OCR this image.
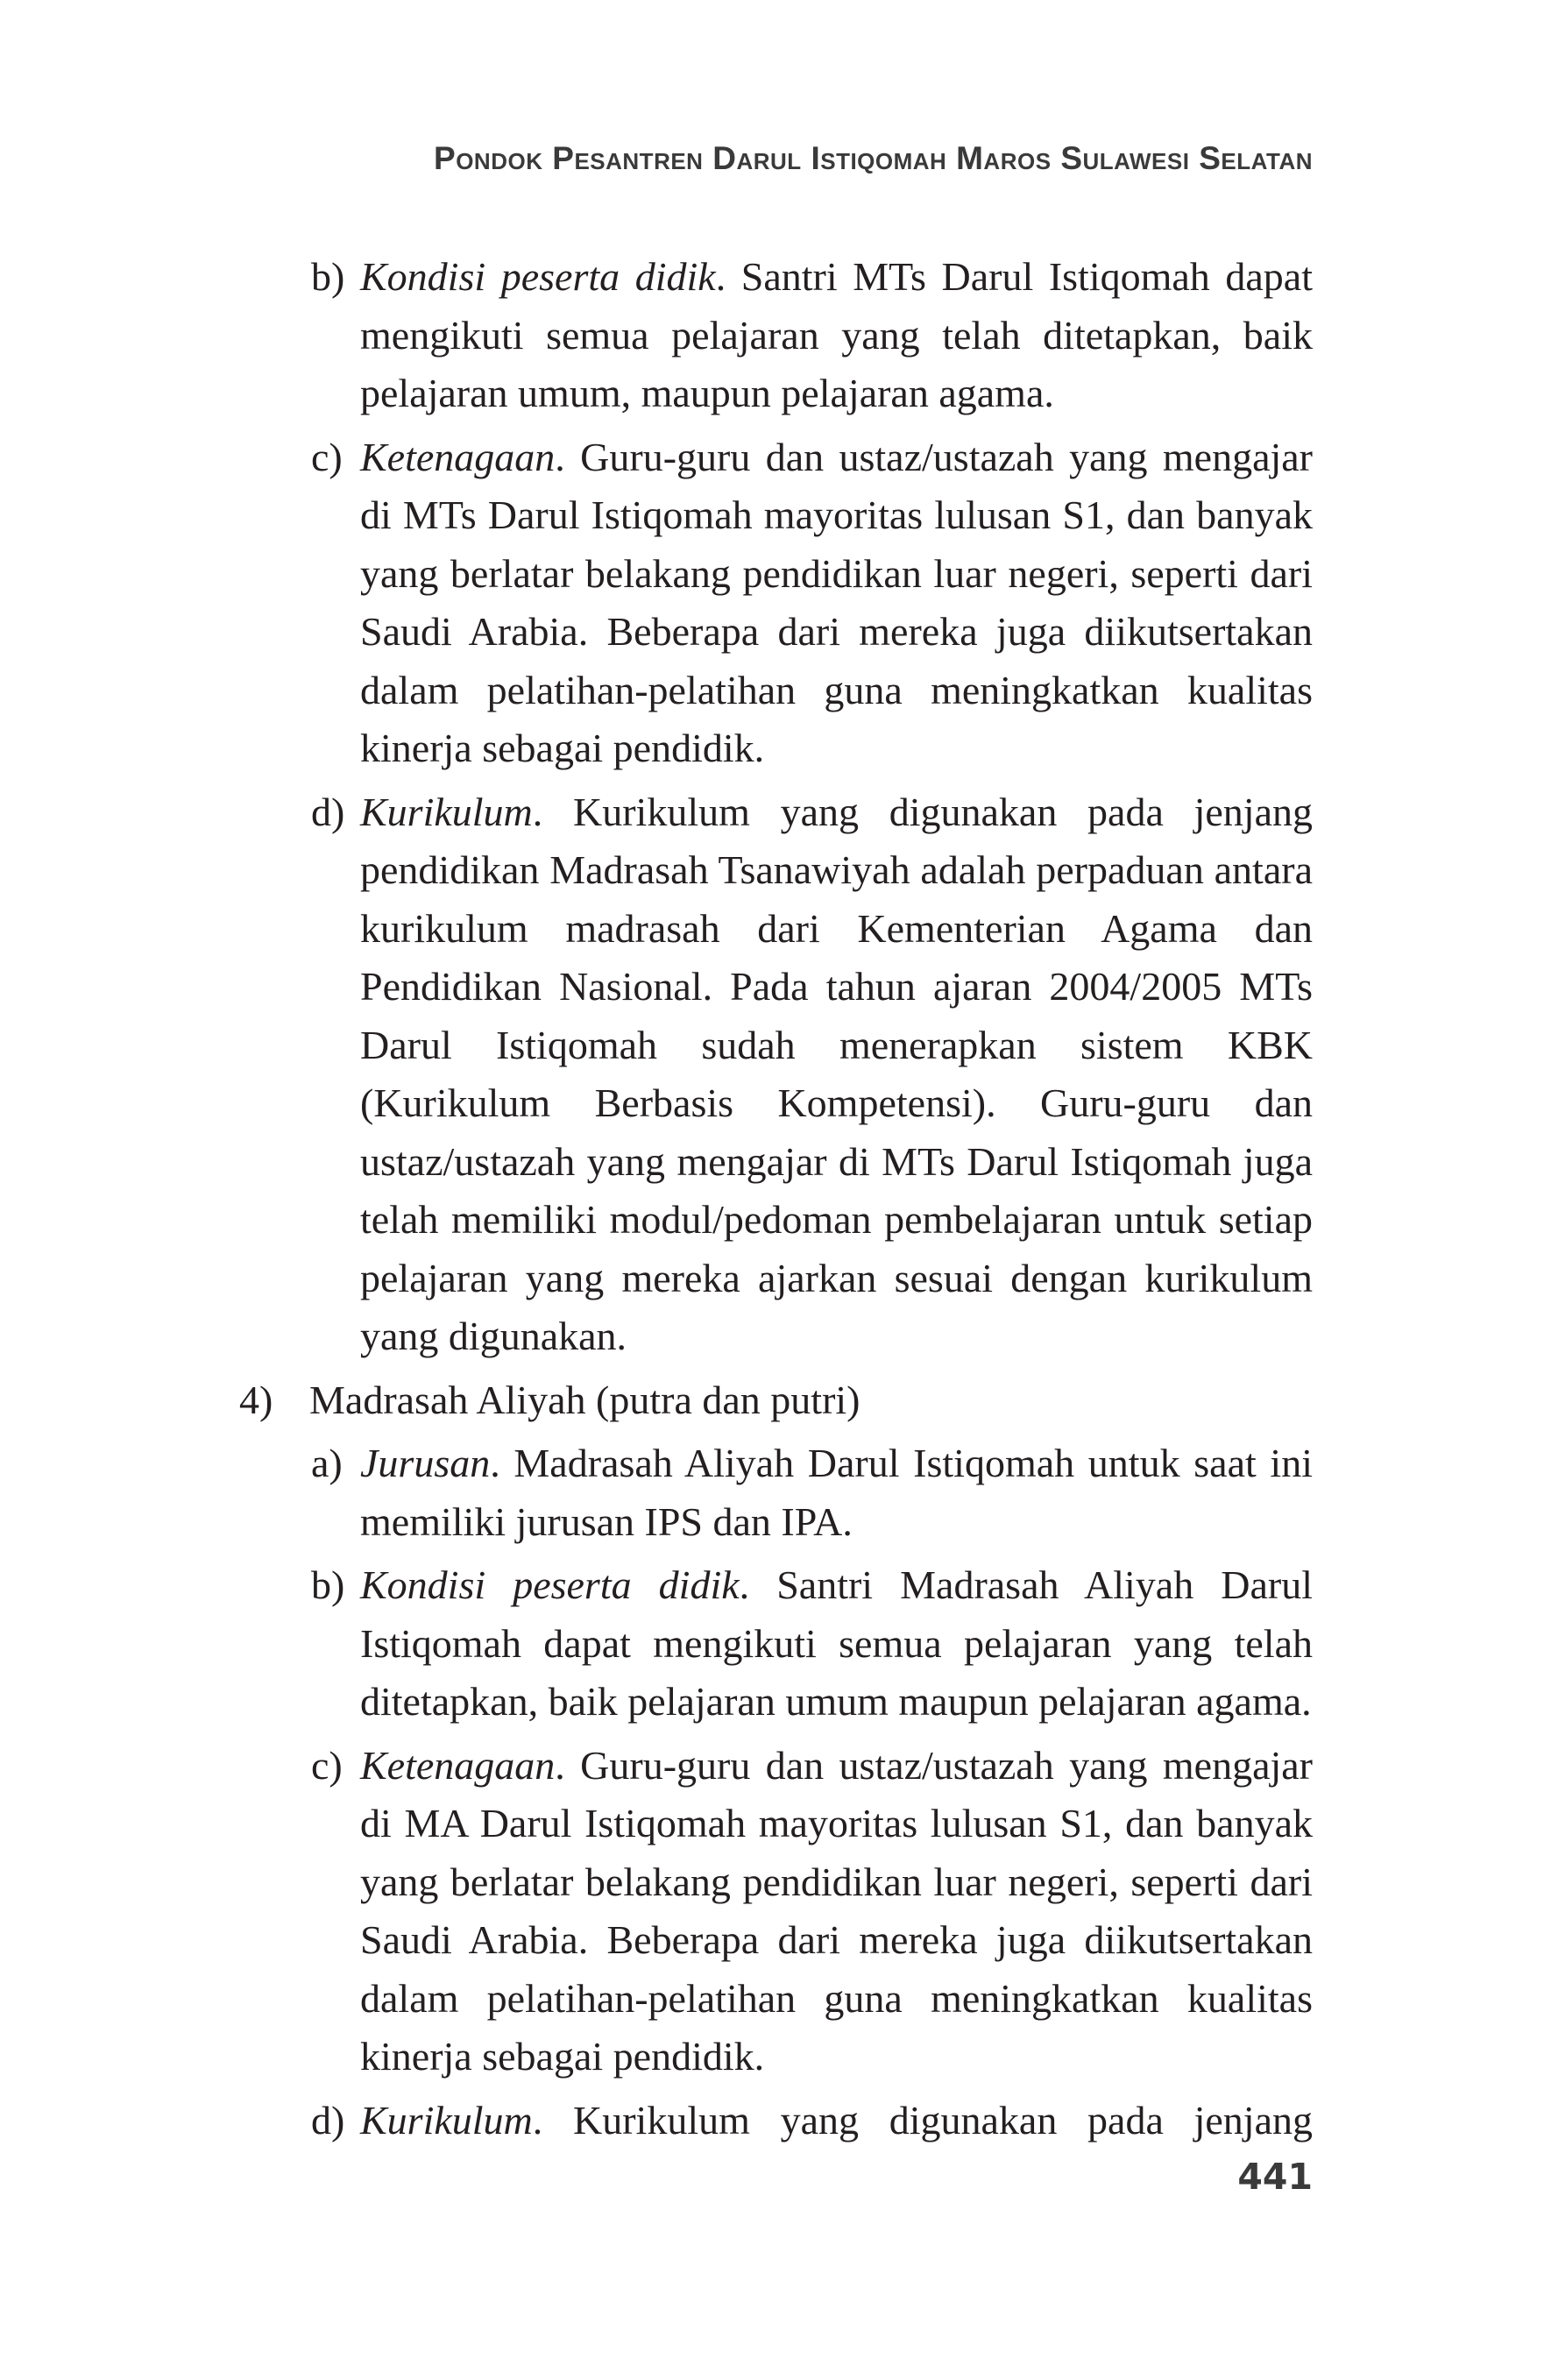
Pondok Pesantren Darul Istiqomah Maros Sulawesi Selatan
b) Kondisi peserta didik. Santri MTs Darul Istiqomah dapat mengikuti semua pelajaran yang telah ditetapkan, baik pelajaran umum, maupun pelajaran agama.
c) Ketenagaan. Guru-guru dan ustaz/ustazah yang mengajar di MTs Darul Istiqomah mayoritas lulusan S1, dan banyak yang berlatar belakang pendidikan luar negeri, seperti dari Saudi Arabia. Beberapa dari mereka juga diikutsertakan dalam pelatihan-pelatihan guna meningkatkan kualitas kinerja sebagai pendidik.
d) Kurikulum. Kurikulum yang digunakan pada jenjang pendidikan Madrasah Tsanawiyah adalah perpaduan antara kurikulum madrasah dari Kementerian Agama dan Pendidikan Nasional. Pada tahun ajaran 2004/2005 MTs Darul Istiqomah sudah menerapkan sistem KBK (Kurikulum Berbasis Kompetensi). Guru-guru dan ustaz/ustazah yang mengajar di MTs Darul Istiqomah juga telah memiliki modul/pedoman pembelajaran untuk setiap pelajaran yang mereka ajarkan sesuai dengan kurikulum yang digunakan.
4) Madrasah Aliyah (putra dan putri)
a) Jurusan. Madrasah Aliyah Darul Istiqomah untuk saat ini memiliki jurusan IPS dan IPA.
b) Kondisi peserta didik. Santri Madrasah Aliyah Darul Istiqomah dapat mengikuti semua pelajaran yang telah ditetapkan, baik pelajaran umum maupun pelajaran agama.
c) Ketenagaan. Guru-guru dan ustaz/ustazah yang mengajar di MA Darul Istiqomah mayoritas lulusan S1, dan banyak yang berlatar belakang pendidikan luar negeri, seperti dari Saudi Arabia. Beberapa dari mereka juga diikutsertakan dalam pelatihan-pelatihan guna meningkatkan kualitas kinerja sebagai pendidik.
d) Kurikulum. Kurikulum yang digunakan pada jenjang
441
